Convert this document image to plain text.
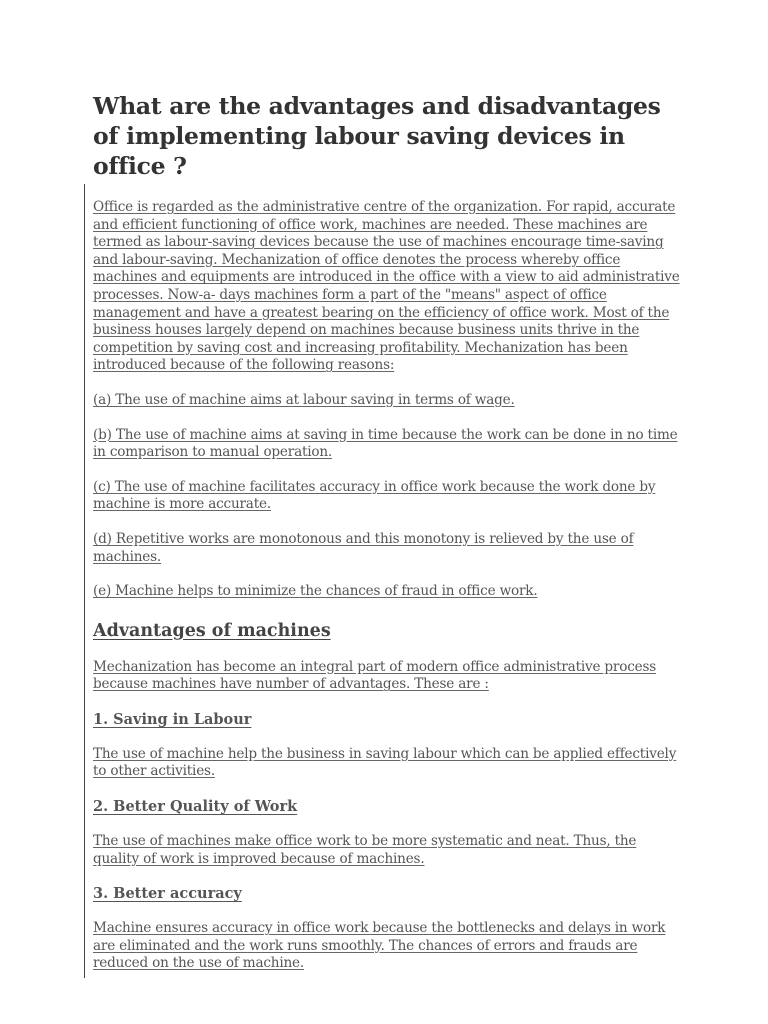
What are the advantages and disadvantages of implementing labour saving devices in office ?

Office is regarded as the administrative centre of the organization. For rapid, accurate and efficient functioning of office work, machines are needed. These machines are termed as labour-saving devices because the use of machines encourage time-saving and labour-saving. Mechanization of office denotes the process whereby office machines and equipments are introduced in the office with a view to aid administrative processes. Now-a- days machines form a part of the "means" aspect of office management and have a greatest bearing on the efficiency of office work. Most of the business houses largely depend on machines because business units thrive in the competition by saving cost and increasing profitability. Mechanization has been introduced because of the following reasons:

(a) The use of machine aims at labour saving in terms of wage.

(b) The use of machine aims at saving in time because the work can be done in no time in comparison to manual operation.

(c) The use of machine facilitates accuracy in office work because the work done by machine is more accurate.

(d) Repetitive works are monotonous and this monotony is relieved by the use of machines.

(e) Machine helps to minimize the chances of fraud in office work.

Advantages of machines

Mechanization has become an integral part of modern office administrative process because machines have number of advantages. These are :

1. Saving in Labour

The use of machine help the business in saving labour which can be applied effectively to other activities.

2. Better Quality of Work

The use of machines make office work to be more systematic and neat. Thus, the quality of work is improved because of machines.

3. Better accuracy

Machine ensures accuracy in office work because the bottlenecks and delays in work are eliminated and the work runs smoothly. The chances of errors and frauds are reduced on the use of machine.
